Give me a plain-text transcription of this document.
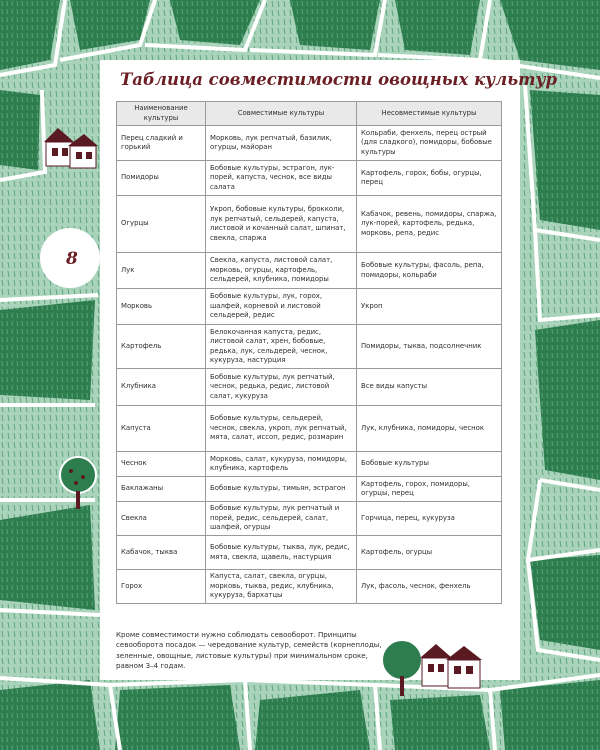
Таблица совместимости овощных культур
Наименование культуры	Совместимые культуры	Несовместимые культуры
Перец сладкий и горький	Морковь, лук репчатый, базилик, огурцы, майоран	Кольраби, фенхель, перец острый (для сладкого), помидоры, бобовые культуры
Помидоры	Бобовые культуры, эстрагон, лук-порей, капуста, чеснок, все виды салата	Картофель, горох, бобы, огурцы, перец
Огурцы	Укроп, бобовые культуры, брокколи, лук репчатый, сельдерей, капуста, листовой и кочанный салат, шпинат, свекла, спаржа	Кабачок, ревень, помидоры, спаржа, лук-порей, картофель, редька, морковь, репа, редис
Лук	Свекла, капуста, листовой салат, морковь, огурцы, картофель, сельдерей, клубника, помидоры	Бобовые культуры, фасоль, репа, помидоры, кольраби
Морковь	Бобовые культуры, лук, горох, шалфей, корневой и листовой сельдерей, редис	Укроп
Картофель	Белокочанная капуста, редис, листовой салат, хрен, бобовые, редька, лук, сельдерей, чеснок, кукуруза, настурция	Помидоры, тыква, подсолнечник
Клубника	Бобовые культуры, лук репчатый, чеснок, редька, редис, листовой салат, кукуруза	Все виды капусты
Капуста	Бобовые культуры, сельдерей, чеснок, свекла, укроп, лук репчатый, мята, салат, иссоп, редис, розмарин	Лук, клубника, помидоры, чеснок
Чеснок	Морковь, салат, кукуруза, помидоры, клубника, картофель	Бобовые культуры
Баклажаны	Бобовые культуры, тимьян, эстрагон	Картофель, горох, помидоры, огурцы, перец
Свекла	Бобовые культуры, лук репчатый и порей, редис, сельдерей, салат, шалфей, огурцы	Горчица, перец, кукуруза
Кабачок, тыква	Бобовые культуры, тыква, лук, редис, мята, свекла, щавель, настурция	Картофель, огурцы
Горох	Капуста, салат, свекла, огурцы, морковь, тыква, редис, клубника, кукуруза, бархатцы	Лук, фасоль, чеснок, фенхель
Кроме совместимости нужно соблюдать севооборот. Принципы севооборота посадок — чередование культур, семейств (корнеплоды, зеленные, овощные, листовые культуры) при минимальном сроке, равном 3–4 годам.
8
